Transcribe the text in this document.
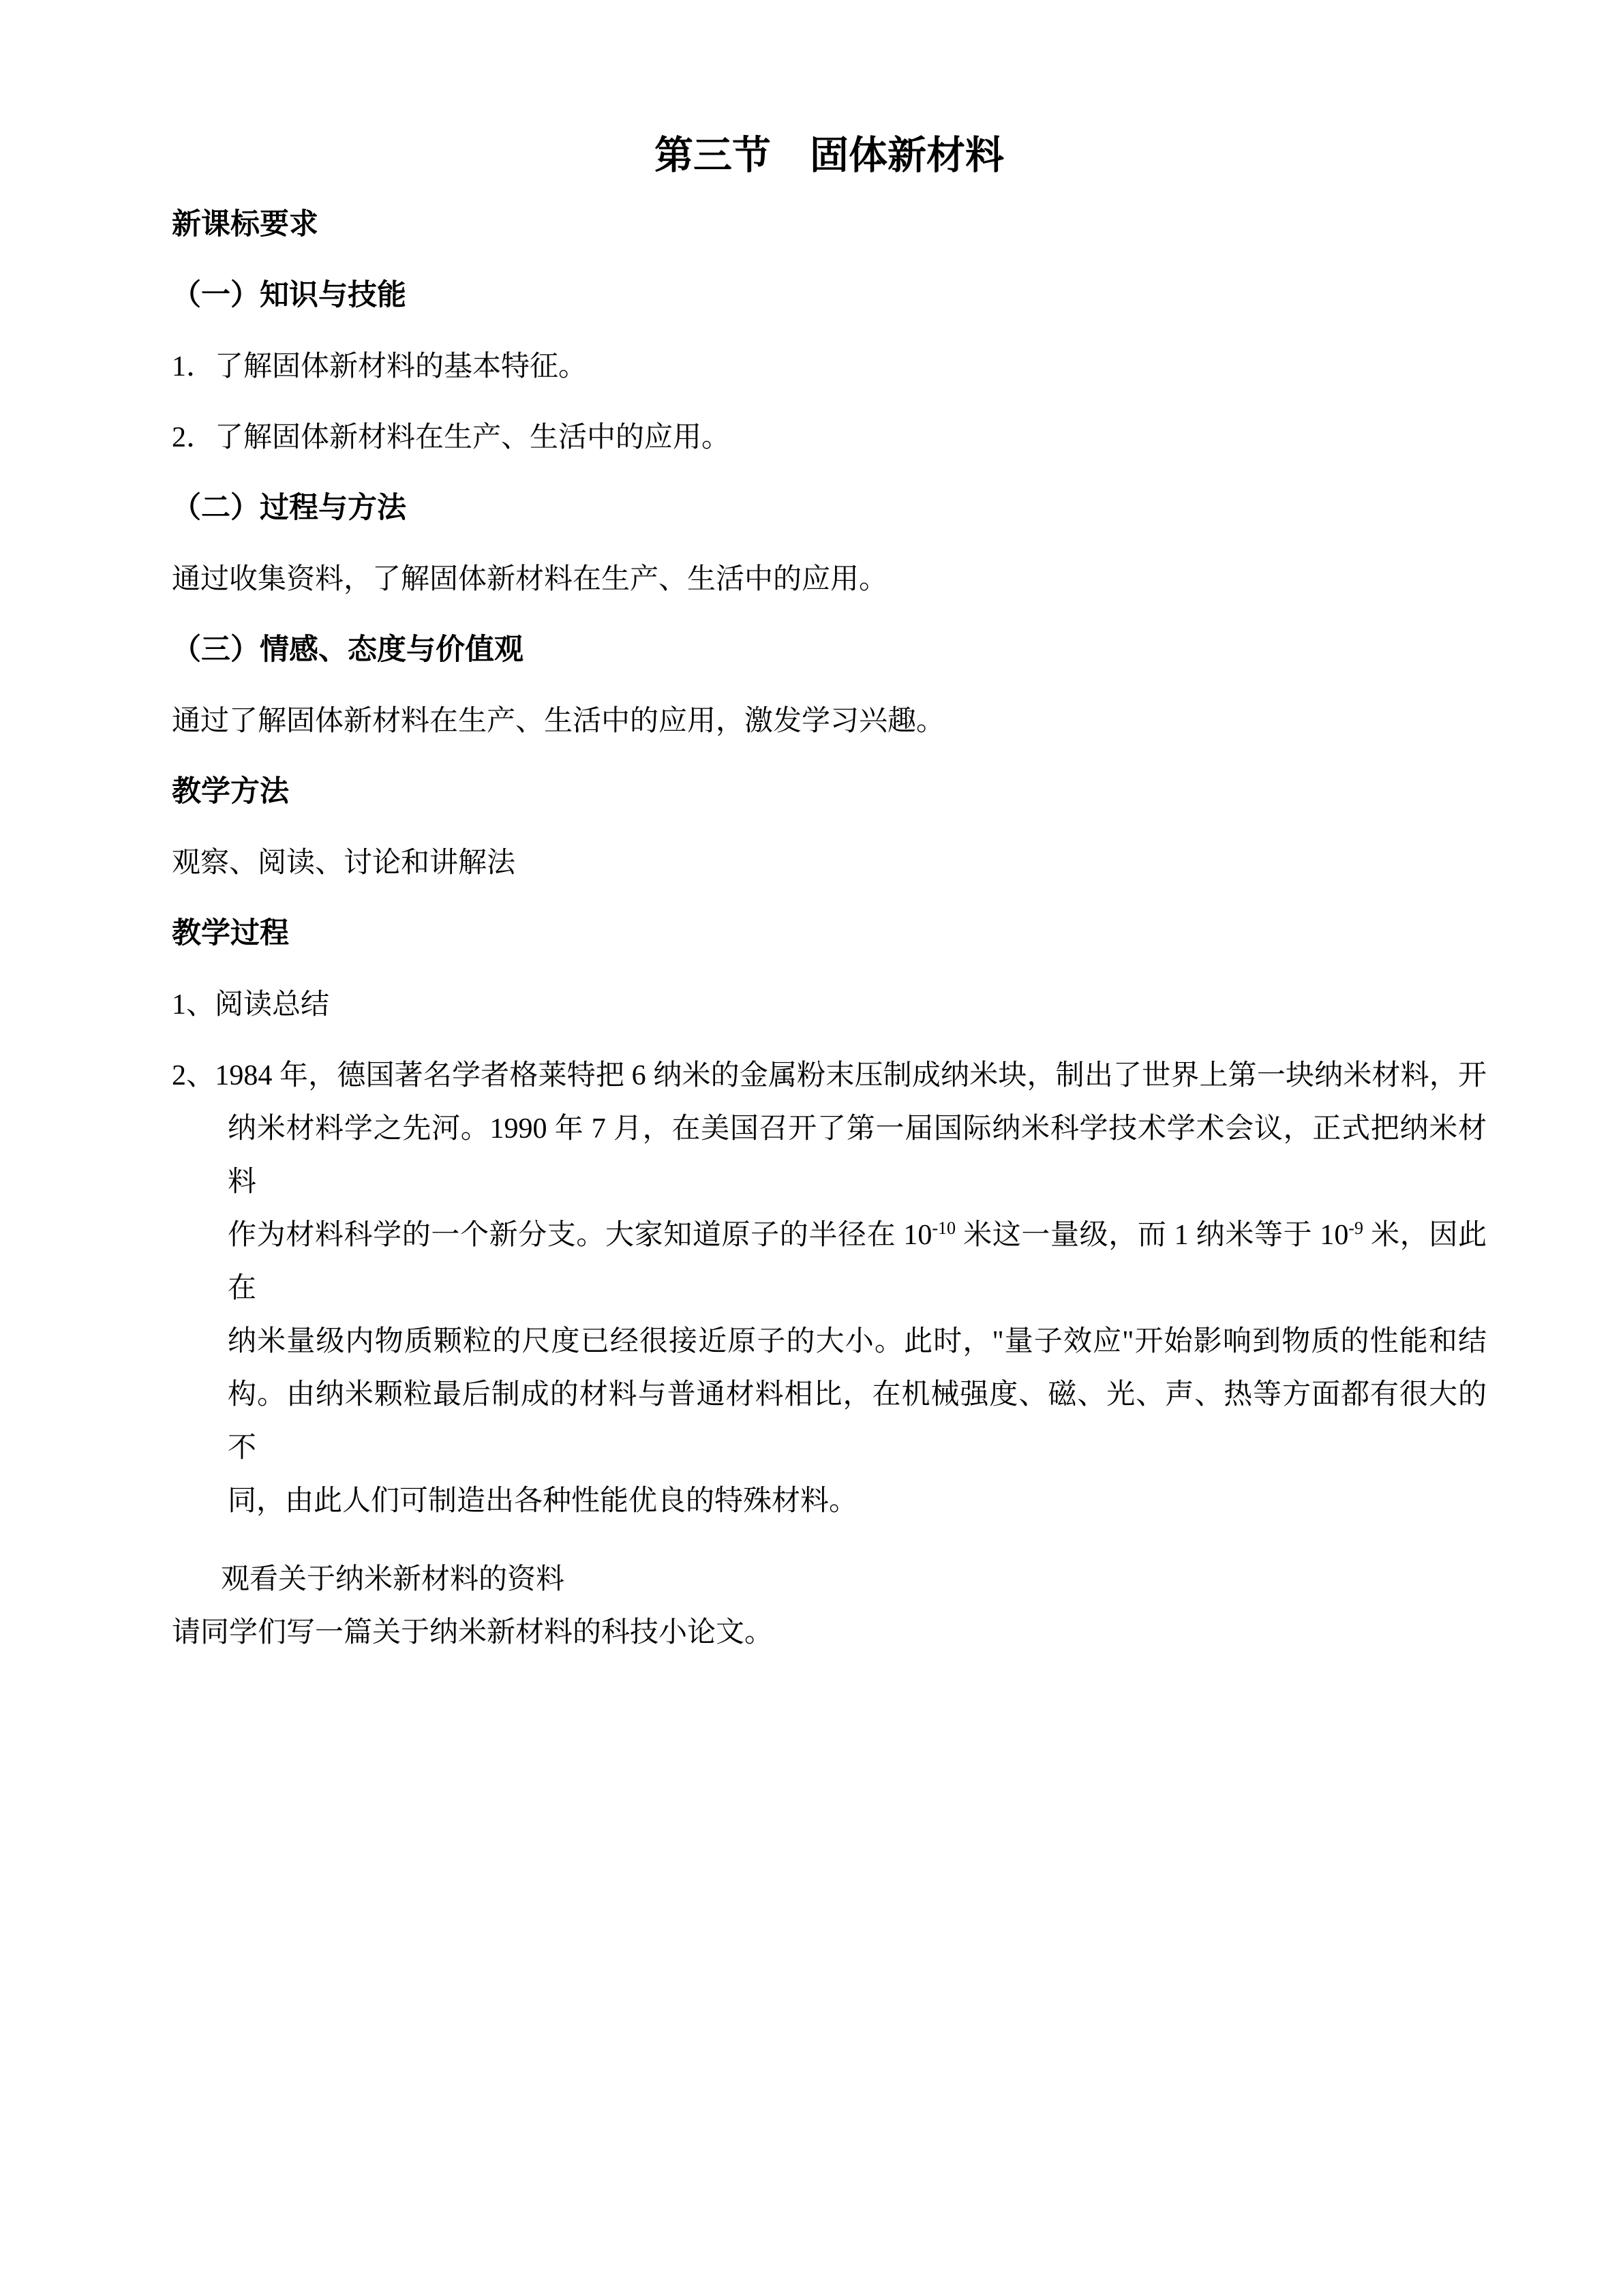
第三节　固体新材料

新课标要求

（一）知识与技能

1．了解固体新材料的基本特征。

2．了解固体新材料在生产、生活中的应用。

（二）过程与方法

通过收集资料，了解固体新材料在生产、生活中的应用。

（三）情感、态度与价值观

通过了解固体新材料在生产、生活中的应用，激发学习兴趣。

教学方法

观察、阅读、讨论和讲解法

教学过程

1、阅读总结

2、1984 年，德国著名学者格莱特把 6 纳米的金属粉末压制成纳米块，制出了世界上第一块纳米材料，开

纳米材料学之先河。1990 年 7 月，在美国召开了第一届国际纳米科学技术学术会议，正式把纳米材料

作为材料科学的一个新分支。大家知道原子的半径在 $10^{-10}$ 米这一量级，而 1 纳米等于 $10^{-9}$ 米，因此在

纳米量级内物质颗粒的尺度已经很接近原子的大小。此时，"量子效应"开始影响到物质的性能和结

构。由纳米颗粒最后制成的材料与普通材料相比，在机械强度、磁、光、声、热等方面都有很大的不

同，由此人们可制造出各种性能优良的特殊材料。

观看关于纳米新材料的资料

请同学们写一篇关于纳米新材料的科技小论文。
